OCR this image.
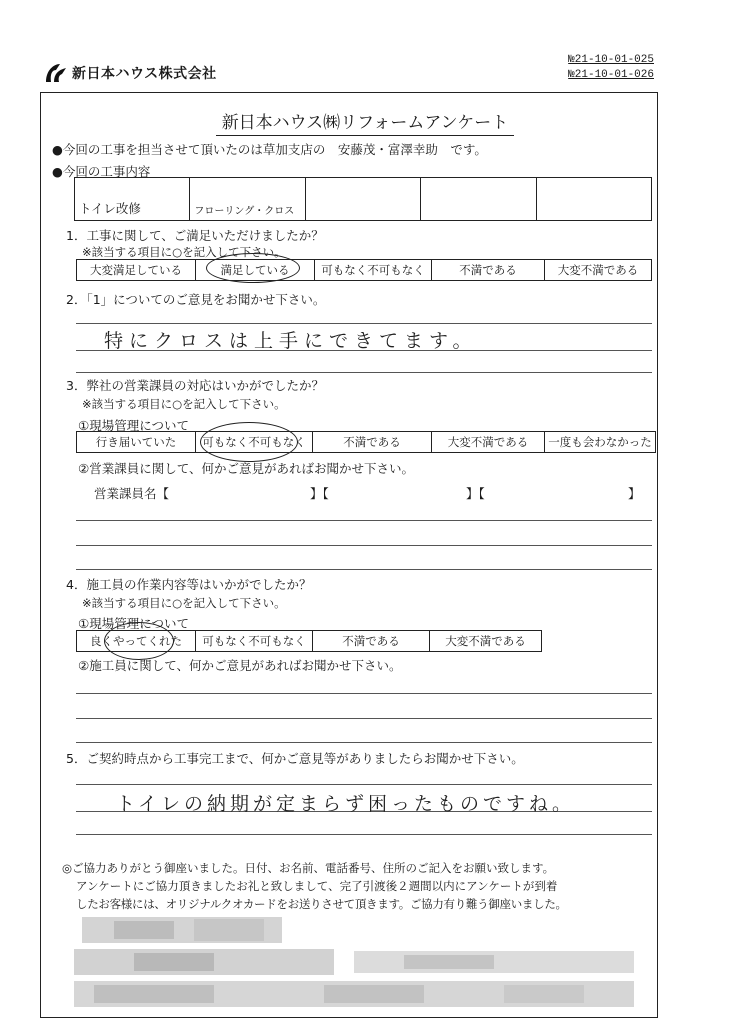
新日本ハウス株式会社
№21-10-01-025
№21-10-01-026
新日本ハウス㈱リフォームアンケート
●今回の工事を担当させて頂いたのは草加支店の　安藤茂・富澤幸助　です。
●今回の工事内容
トイレ改修	フローリング・クロス
1．工事に関して、ご満足いただけましたか？
※該当する項目に○を記入して下さい。
大変満足している	満足している	可もなく不可もなく	不満である	大変不満である
2．「1」についてのご意見をお聞かせ下さい。
特にクロスは上手にできてます。
3．弊社の営業課員の対応はいかがでしたか？
※該当する項目に○を記入して下さい。
①現場管理について
行き届いていた	可もなく不可もなく	不満である	大変不満である	一度も会わなかった
②営業課員に関して、何かご意見があればお聞かせ下さい。
営業課員名【	】【	】【	】
4．施工員の作業内容等はいかがでしたか？
※該当する項目に○を記入して下さい。
①現場管理について
良くやってくれた	可もなく不可もなく	不満である	大変不満である
②施工員に関して、何かご意見があればお聞かせ下さい。
5．ご契約時点から工事完工まで、何かご意見等がありましたらお聞かせ下さい。
トイレの納期が定まらず困ったものですね。
◎ご協力ありがとう御座いました。日付、お名前、電話番号、住所のご記入をお願い致します。
アンケートにご協力頂きましたお礼と致しまして、完了引渡後２週間以内にアンケートが到着
したお客様には、オリジナルクオカードをお送りさせて頂きます。ご協力有り難う御座いました。
